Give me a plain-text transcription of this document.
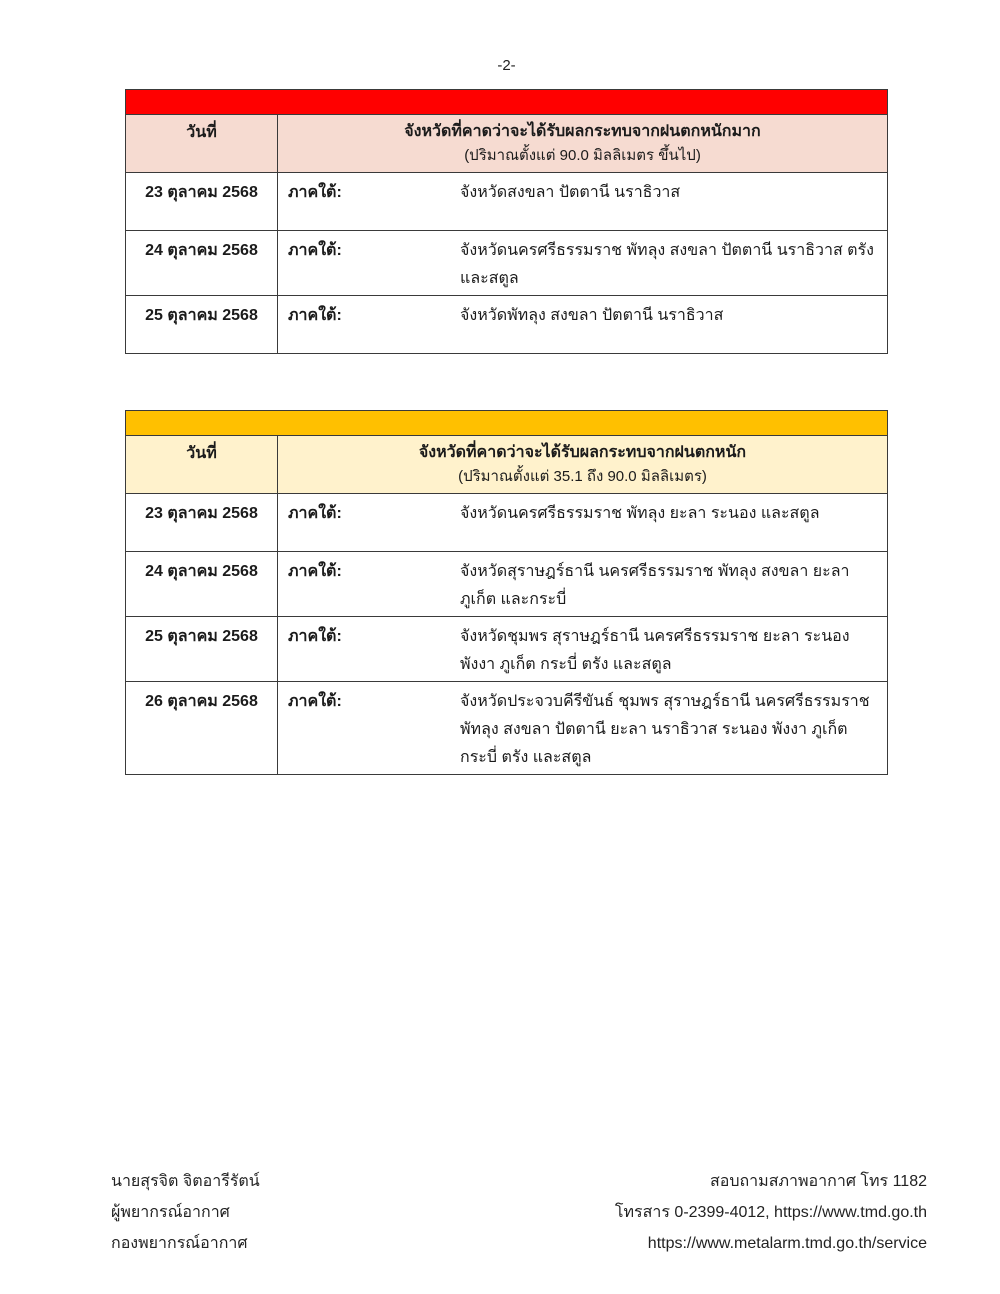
-2-
วันที่	จังหวัดที่คาดว่าจะได้รับผลกระทบจากฝนตกหนักมาก
(ปริมาณตั้งแต่ 90.0 มิลลิเมตร ขึ้นไป)
23 ตุลาคม 2568	ภาคใต้:	จังหวัดสงขลา ปัตตานี นราธิวาส
24 ตุลาคม 2568	ภาคใต้:	จังหวัดนครศรีธรรมราช พัทลุง สงขลา ปัตตานี นราธิวาส ตรัง และสตูล
25 ตุลาคม 2568	ภาคใต้:	จังหวัดพัทลุง สงขลา ปัตตานี นราธิวาส
วันที่	จังหวัดที่คาดว่าจะได้รับผลกระทบจากฝนตกหนัก
(ปริมาณตั้งแต่ 35.1 ถึง 90.0 มิลลิเมตร)
23 ตุลาคม 2568	ภาคใต้:	จังหวัดนครศรีธรรมราช พัทลุง ยะลา ระนอง และสตูล
24 ตุลาคม 2568	ภาคใต้:	จังหวัดสุราษฎร์ธานี นครศรีธรรมราช พัทลุง สงขลา ยะลา ภูเก็ต และกระบี่
25 ตุลาคม 2568	ภาคใต้:	จังหวัดชุมพร สุราษฎร์ธานี นครศรีธรรมราช ยะลา ระนอง พังงา ภูเก็ต กระบี่ ตรัง และสตูล
26 ตุลาคม 2568	ภาคใต้:	จังหวัดประจวบคีรีขันธ์ ชุมพร สุราษฎร์ธานี นครศรีธรรมราช พัทลุง สงขลา ปัตตานี ยะลา นราธิวาส ระนอง พังงา ภูเก็ต กระบี่ ตรัง และสตูล
นายสุรจิต จิตอารีรัตน์
ผู้พยากรณ์อากาศ
กองพยากรณ์อากาศ
สอบถามสภาพอากาศ โทร 1182
โทรสาร 0-2399-4012, https://www.tmd.go.th
https://www.metalarm.tmd.go.th/service
